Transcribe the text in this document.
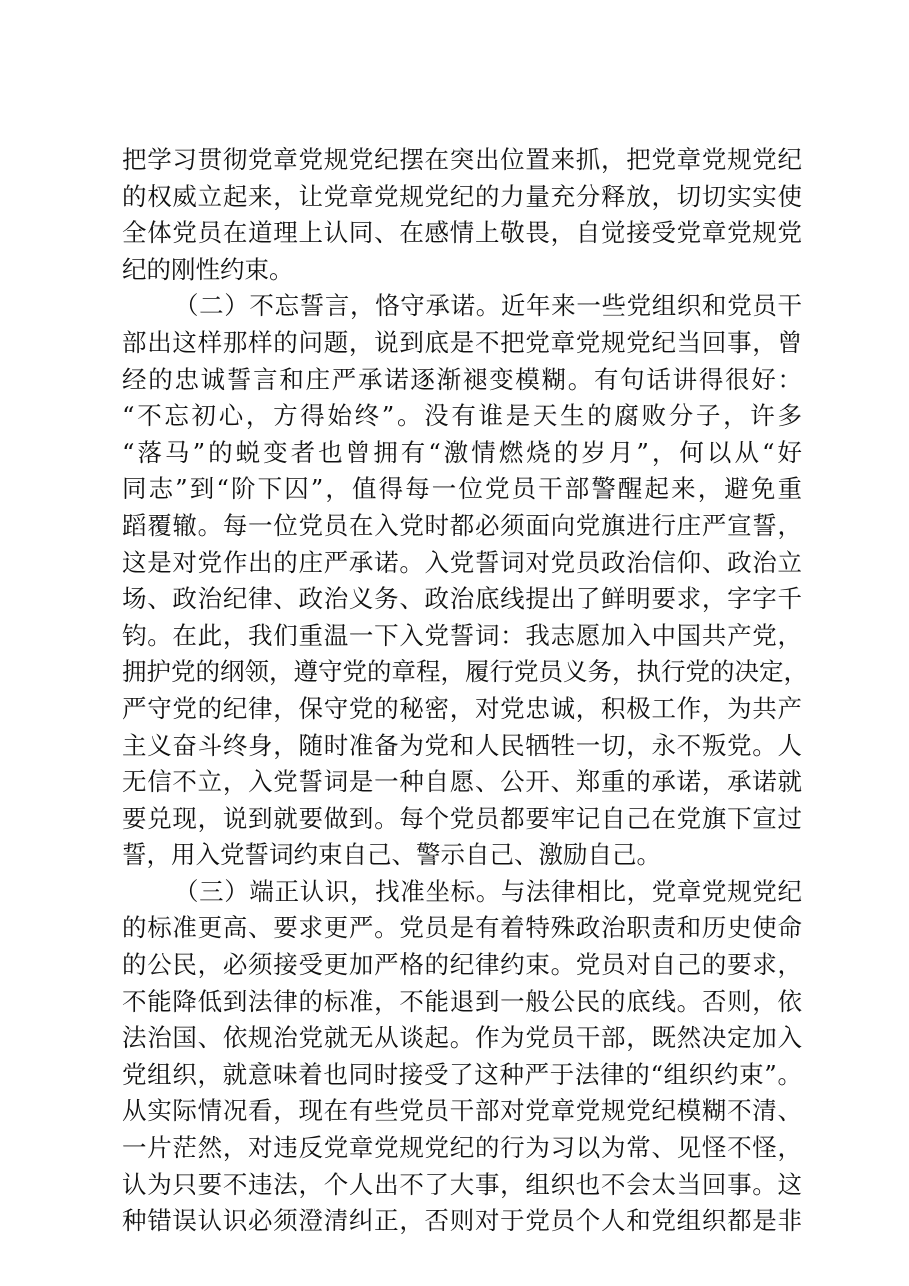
把学习贯彻党章党规党纪摆在突出位置来抓，把党章党规党纪
的权威立起来，让党章党规党纪的力量充分释放，切切实实使
全体党员在道理上认同、在感情上敬畏，自觉接受党章党规党
纪的刚性约束。
（二）不忘誓言，恪守承诺。近年来一些党组织和党员干
部出这样那样的问题，说到底是不把党章党规党纪当回事，曾
经的忠诚誓言和庄严承诺逐渐褪变模糊。有句话讲得很好：
“不忘初心，方得始终”。没有谁是天生的腐败分子，许多
“落马”的蜕变者也曾拥有“激情燃烧的岁月”，何以从“好
同志”到“阶下囚”，值得每一位党员干部警醒起来，避免重
蹈覆辙。每一位党员在入党时都必须面向党旗进行庄严宣誓，
这是对党作出的庄严承诺。入党誓词对党员政治信仰、政治立
场、政治纪律、政治义务、政治底线提出了鲜明要求，字字千
钧。在此，我们重温一下入党誓词：我志愿加入中国共产党，
拥护党的纲领，遵守党的章程，履行党员义务，执行党的决定，
严守党的纪律，保守党的秘密，对党忠诚，积极工作，为共产
主义奋斗终身，随时准备为党和人民牺牲一切，永不叛党。人
无信不立，入党誓词是一种自愿、公开、郑重的承诺，承诺就
要兑现，说到就要做到。每个党员都要牢记自己在党旗下宣过
誓，用入党誓词约束自己、警示自己、激励自己。
（三）端正认识，找准坐标。与法律相比，党章党规党纪
的标准更高、要求更严。党员是有着特殊政治职责和历史使命
的公民，必须接受更加严格的纪律约束。党员对自己的要求，
不能降低到法律的标准，不能退到一般公民的底线。否则，依
法治国、依规治党就无从谈起。作为党员干部，既然决定加入
党组织，就意味着也同时接受了这种严于法律的“组织约束”。
从实际情况看，现在有些党员干部对党章党规党纪模糊不清、
一片茫然，对违反党章党规党纪的行为习以为常、见怪不怪，
认为只要不违法，个人出不了大事，组织也不会太当回事。这
种错误认识必须澄清纠正，否则对于党员个人和党组织都是非
